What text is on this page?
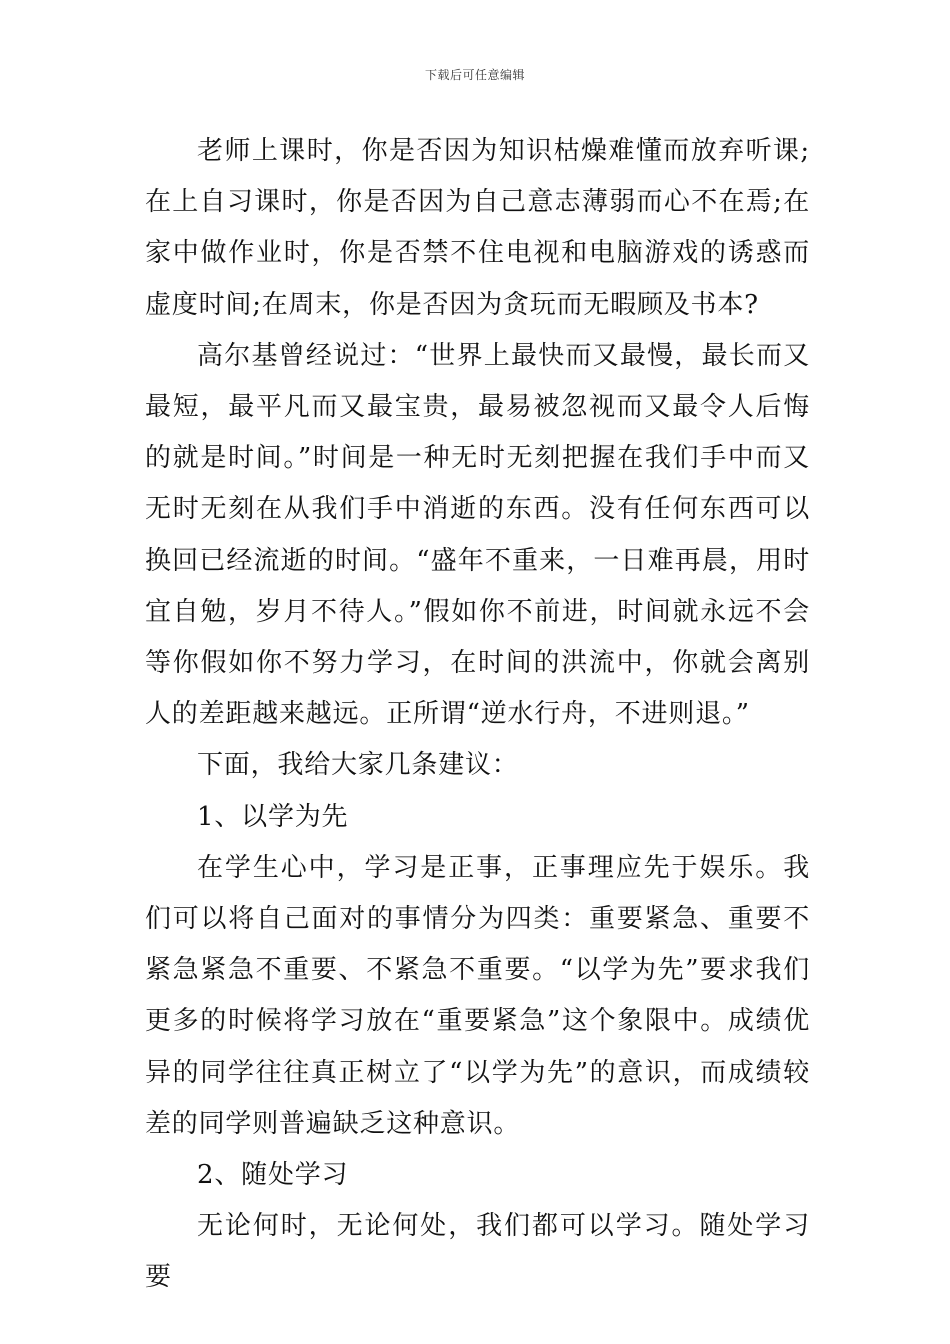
下载后可任意编辑

老师上课时，你是否因为知识枯燥难懂而放弃听课;在上自习课时，你是否因为自己意志薄弱而心不在焉;在家中做作业时，你是否禁不住电视和电脑游戏的诱惑而虚度时间;在周末，你是否因为贪玩而无暇顾及书本?

高尔基曾经说过：“世界上最快而又最慢，最长而又最短，最平凡而又最宝贵，最易被忽视而又最令人后悔的就是时间。”时间是一种无时无刻把握在我们手中而又无时无刻在从我们手中消逝的东西。没有任何东西可以换回已经流逝的时间。“盛年不重来，一日难再晨，用时宜自勉，岁月不待人。”假如你不前进，时间就永远不会等你假如你不努力学习，在时间的洪流中，你就会离别人的差距越来越远。正所谓“逆水行舟，不进则退。”

下面，我给大家几条建议：

1、以学为先

在学生心中，学习是正事，正事理应先于娱乐。我们可以将自己面对的事情分为四类：重要紧急、重要不紧急紧急不重要、不紧急不重要。“以学为先”要求我们更多的时候将学习放在“重要紧急”这个象限中。成绩优异的同学往往真正树立了“以学为先”的意识，而成绩较差的同学则普遍缺乏这种意识。

2、随处学习

无论何时，无论何处，我们都可以学习。随处学习要
